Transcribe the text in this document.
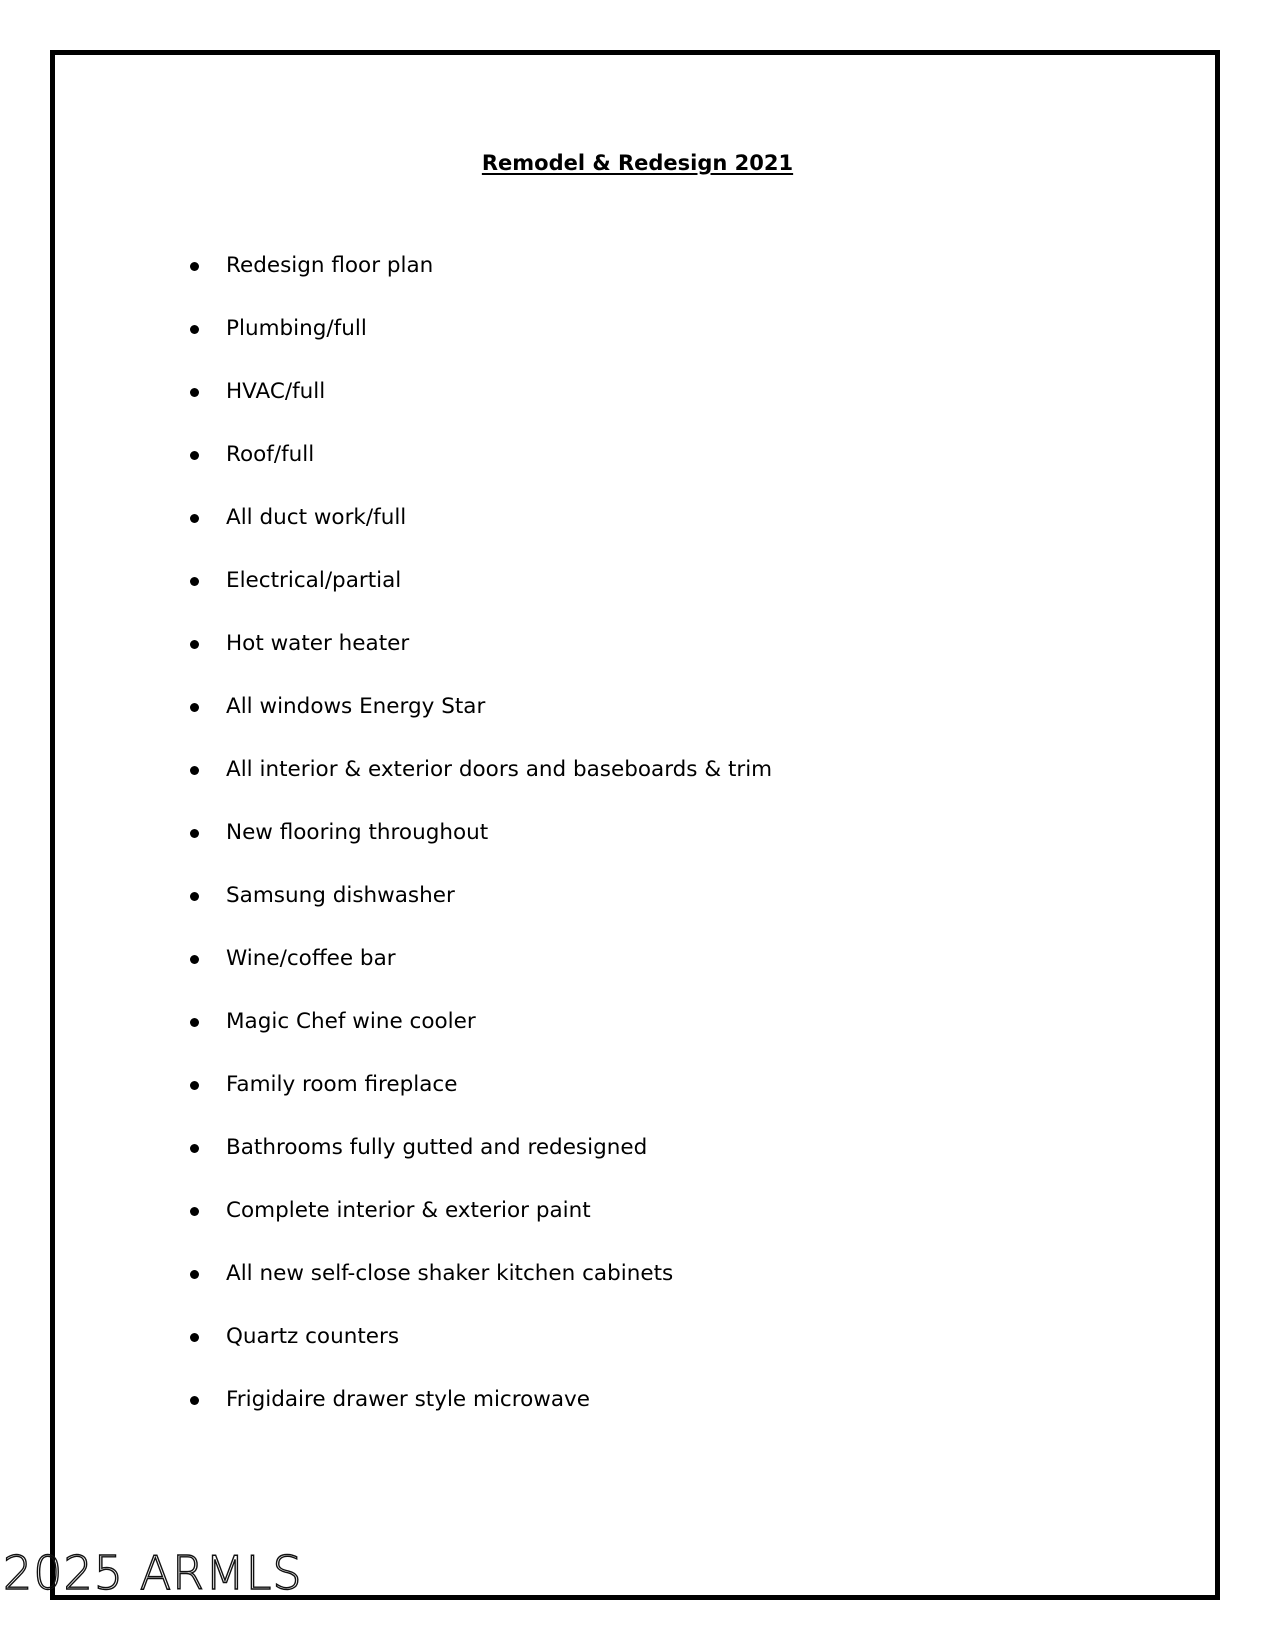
Remodel & Redesign 2021
Redesign floor plan
Plumbing/full
HVAC/full
Roof/full
All duct work/full
Electrical/partial
Hot water heater
All windows Energy Star
All interior & exterior doors and baseboards & trim
New flooring throughout
Samsung dishwasher
Wine/coffee bar
Magic Chef wine cooler
Family room fireplace
Bathrooms fully gutted and redesigned
Complete interior & exterior paint
All new self-close shaker kitchen cabinets
Quartz counters
Frigidaire drawer style microwave
2025 ARMLS
